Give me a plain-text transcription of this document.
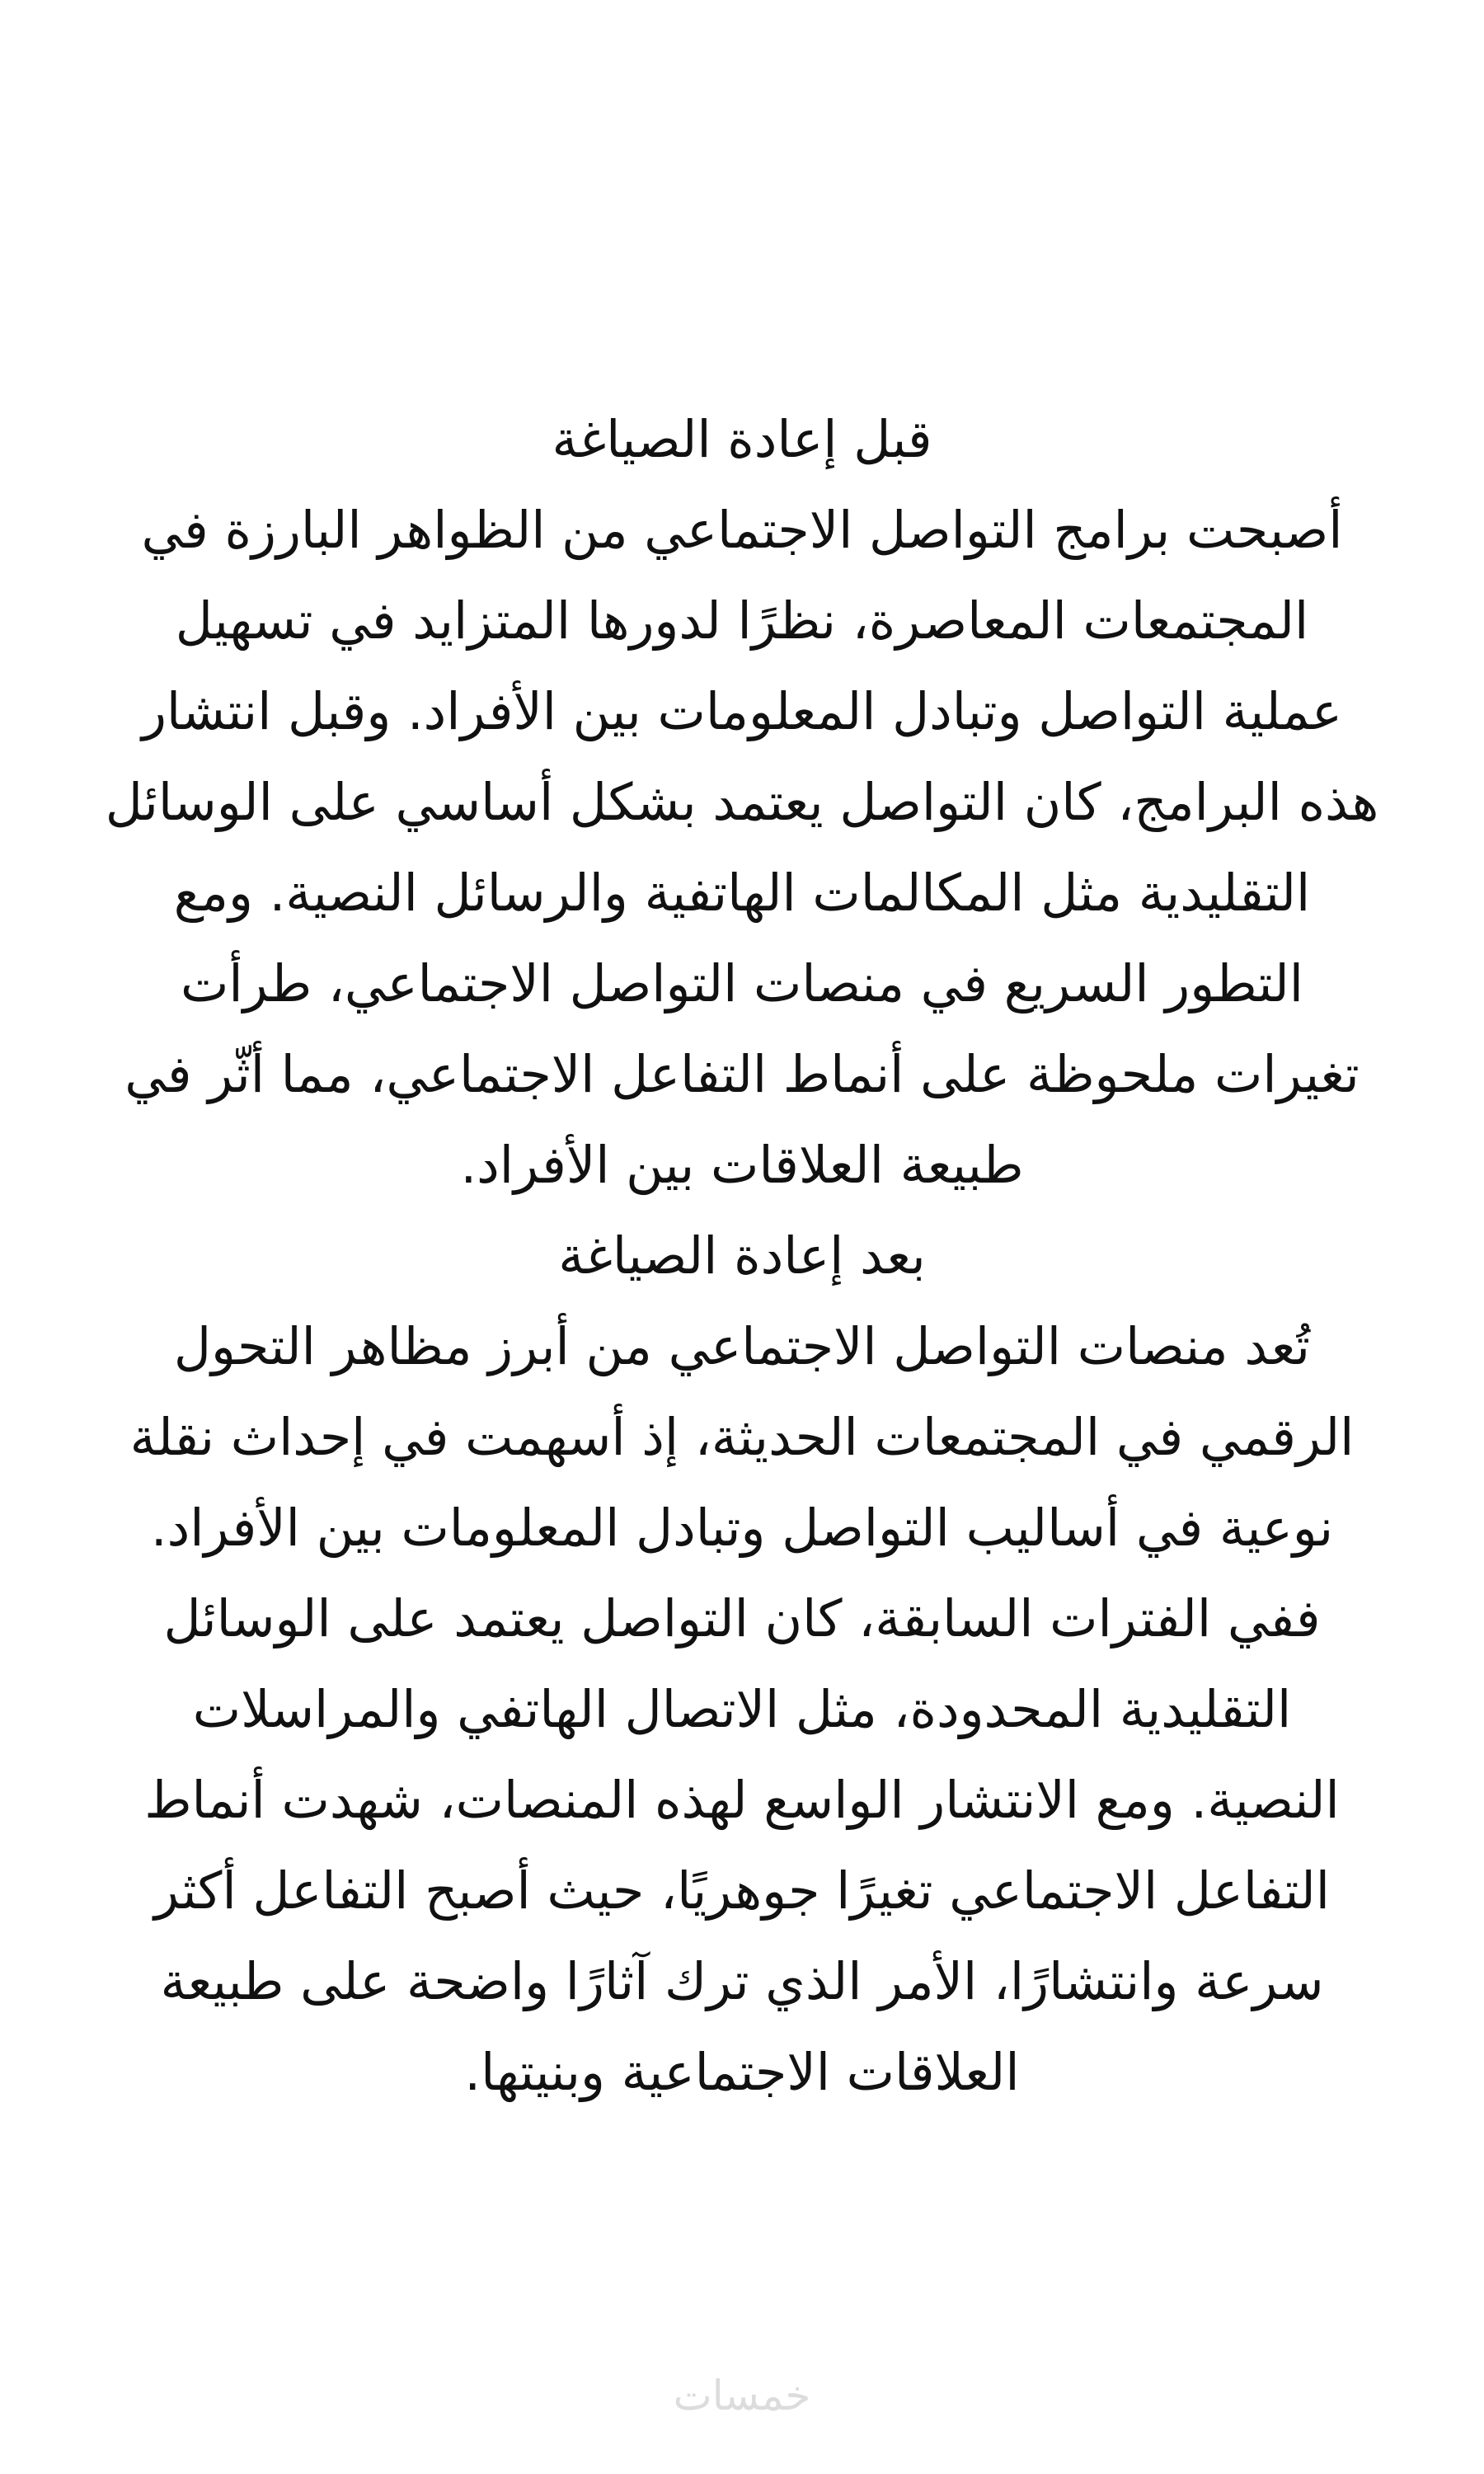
قبل إعادة الصياغة
أصبحت برامج التواصل الاجتماعي من الظواهر البارزة في
المجتمعات المعاصرة، نظرًا لدورها المتزايد في تسهيل
عملية التواصل وتبادل المعلومات بين الأفراد. وقبل انتشار
هذه البرامج، كان التواصل يعتمد بشكل أساسي على الوسائل
التقليدية مثل المكالمات الهاتفية والرسائل النصية. ومع
التطور السريع في منصات التواصل الاجتماعي، طرأت
تغيرات ملحوظة على أنماط التفاعل الاجتماعي، مما أثّر في
طبيعة العلاقات بين الأفراد.
بعد إعادة الصياغة
تُعد منصات التواصل الاجتماعي من أبرز مظاهر التحول
الرقمي في المجتمعات الحديثة، إذ أسهمت في إحداث نقلة
نوعية في أساليب التواصل وتبادل المعلومات بين الأفراد.
ففي الفترات السابقة، كان التواصل يعتمد على الوسائل
التقليدية المحدودة، مثل الاتصال الهاتفي والمراسلات
النصية. ومع الانتشار الواسع لهذه المنصات، شهدت أنماط
التفاعل الاجتماعي تغيرًا جوهريًا، حيث أصبح التفاعل أكثر
سرعة وانتشارًا، الأمر الذي ترك آثارًا واضحة على طبيعة
العلاقات الاجتماعية وبنيتها.
خمسات
